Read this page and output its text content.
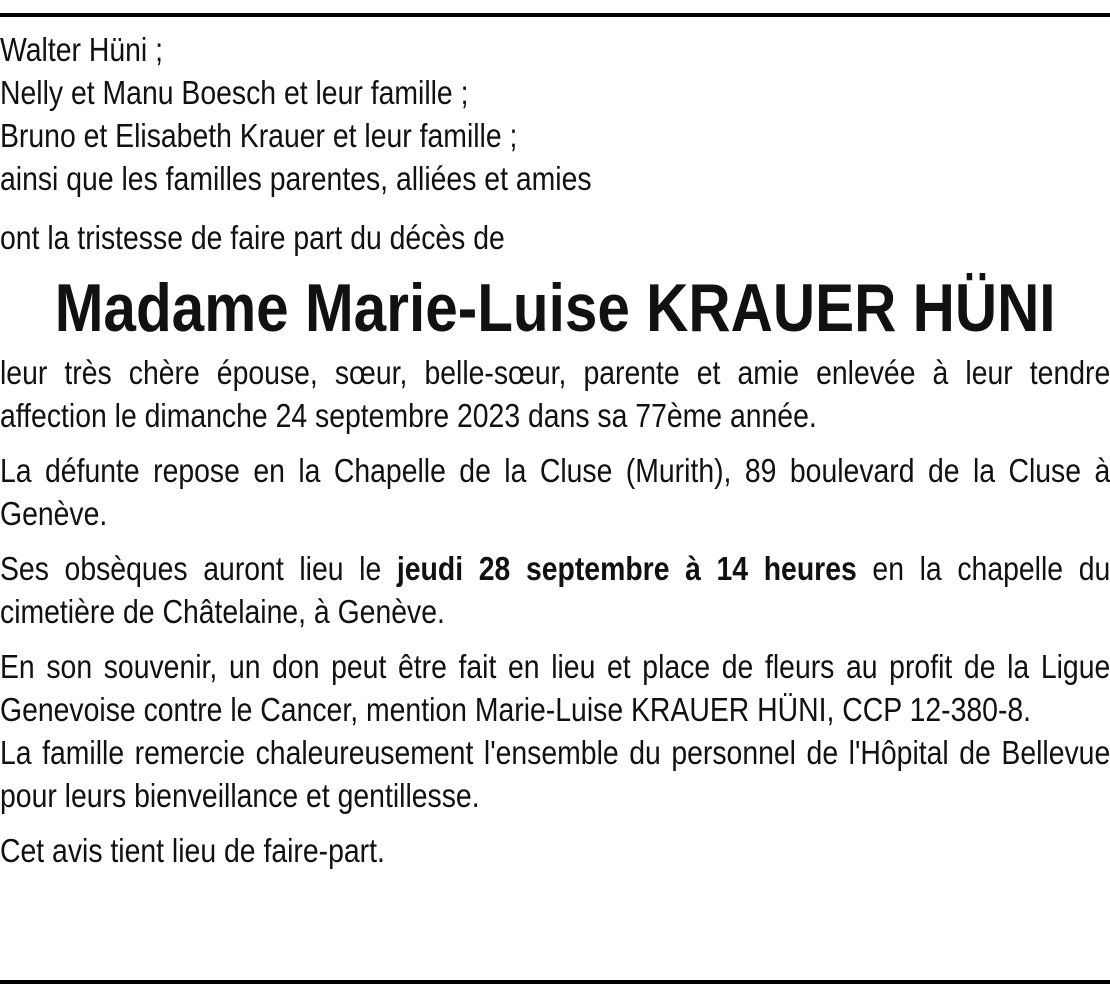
Walter Hüni ;

Nelly et Manu Boesch et leur famille ;

Bruno et Elisabeth Krauer et leur famille ;

ainsi que les familles parentes, alliées et amies

ont la tristesse de faire part du décès de

Madame Marie-Luise KRAUER HÜNI

leur très chère épouse, sœur, belle-sœur, parente et amie enlevée à leur tendre affection le dimanche 24 septembre 2023 dans sa 77ème année.

La défunte repose en la Chapelle de la Cluse (Murith), 89 boulevard de la Cluse à Genève.

Ses obsèques auront lieu le jeudi 28 septembre à 14 heures en la chapelle du cimetière de Châtelaine, à Genève.

En son souvenir, un don peut être fait en lieu et place de fleurs au profit de la Ligue Genevoise contre le Cancer, mention Marie-Luise KRAUER HÜNI, CCP 12-380-8.

La famille remercie chaleureusement l'ensemble du personnel de l'Hôpital de Bellevue pour leurs bienveillance et gentillesse.

Cet avis tient lieu de faire-part.
